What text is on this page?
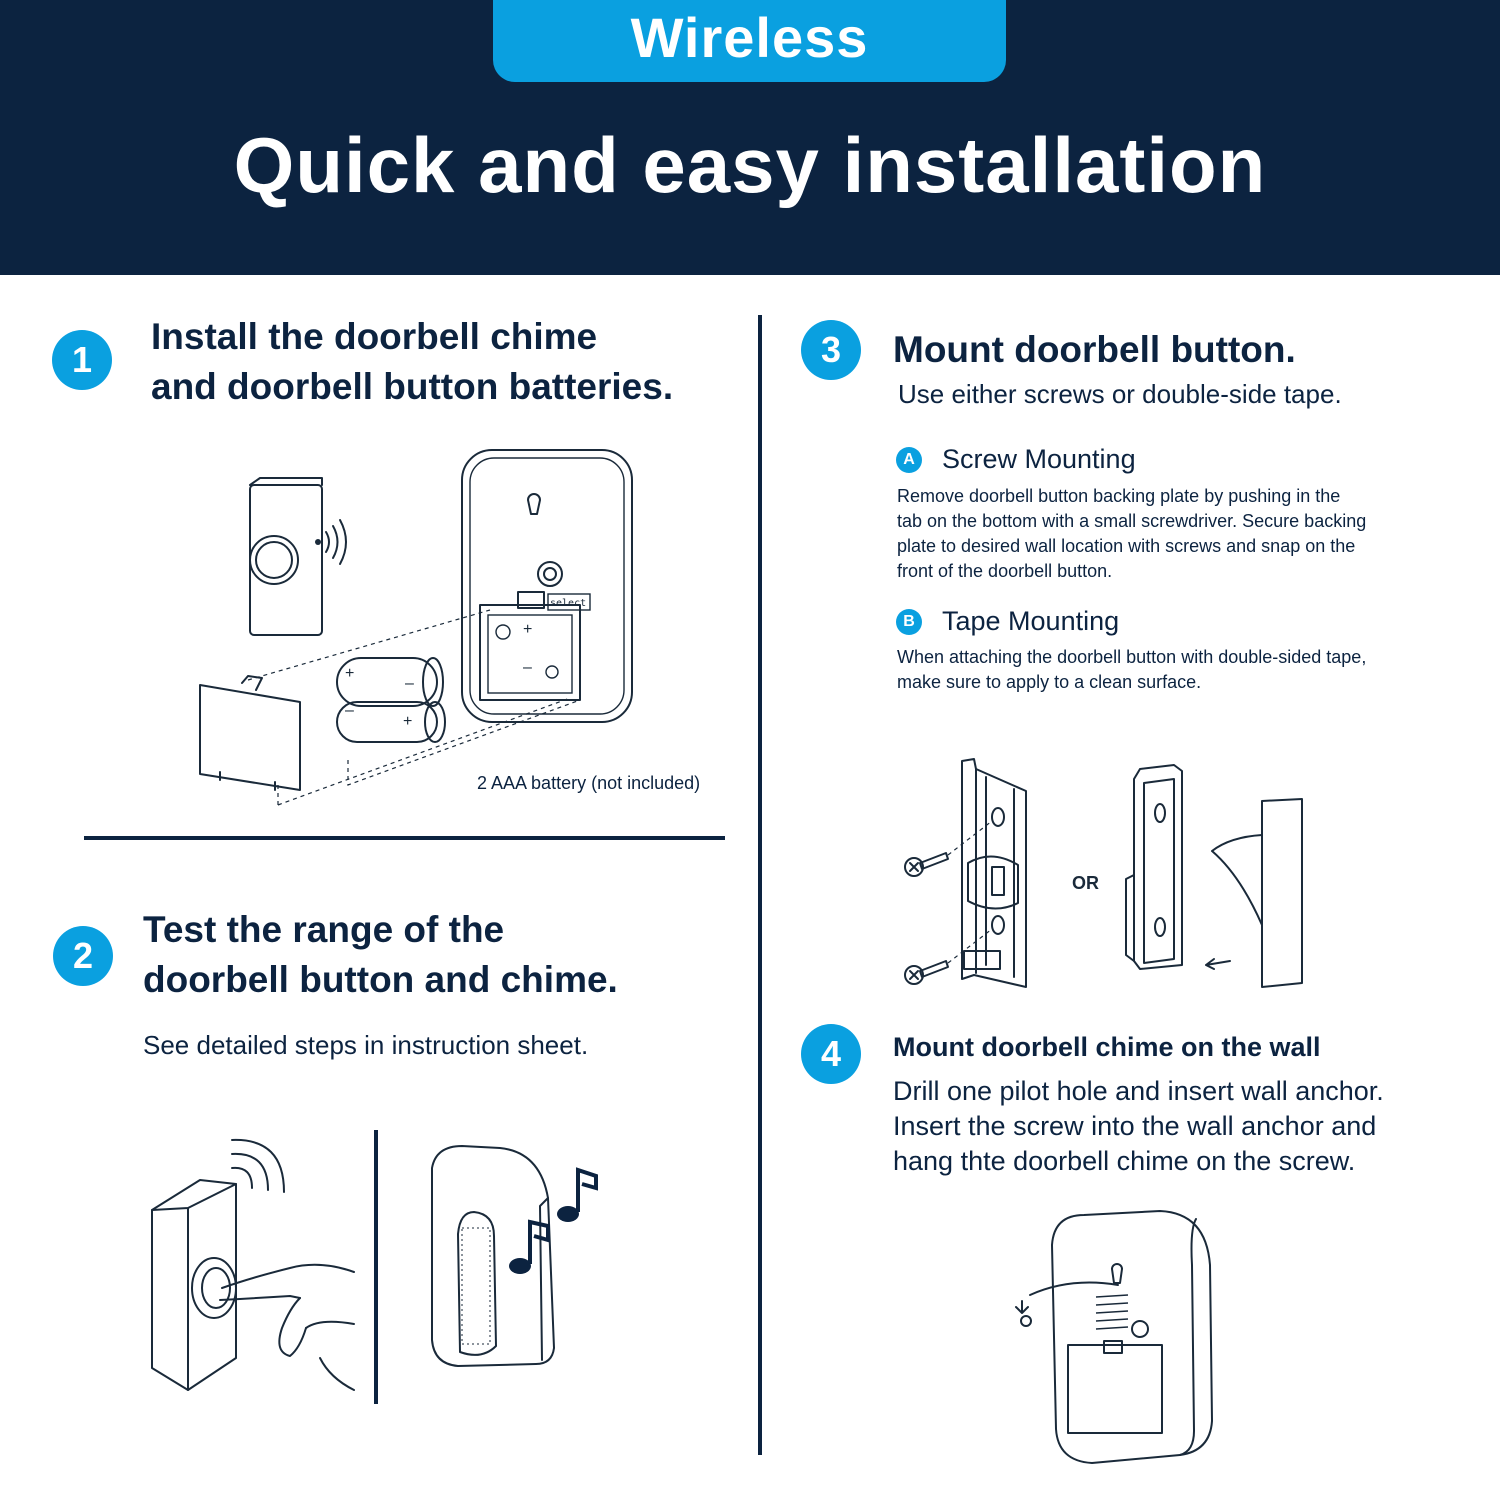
Wireless
Quick and easy installation
1
Install the doorbell chime
and doorbell button batteries.
select
+
–
+
–
–
+
2 AAA battery (not included)
2
Test the range of the
doorbell button and chime.
See detailed steps in instruction sheet.
3	Mount doorbell button.
Use either screws or double-side tape.
A Screw Mounting
Remove doorbell button backing plate by pushing in the
tab on the bottom with a small screwdriver. Secure backing
plate to desired wall location with screws and snap on the
front of the doorbell button.
B Tape Mounting
When attaching the doorbell button with double-sided tape,
make sure to apply to a clean surface.
OR
4	Mount doorbell chime on the wall
Drill one pilot hole and insert wall anchor.
Insert the screw into the wall anchor and
hang thte doorbell chime on the screw.
